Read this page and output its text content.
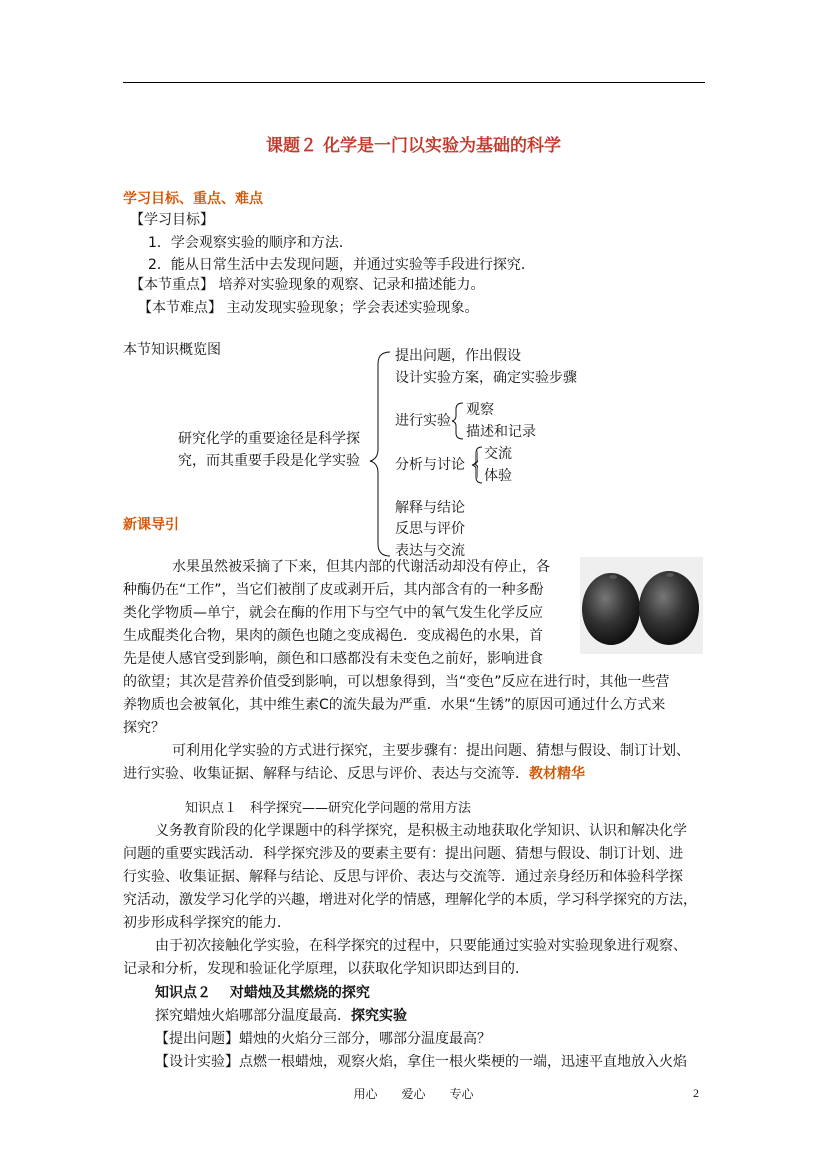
课题２ 化学是一门以实验为基础的科学
学习目标、重点、难点
【学习目标】
1．学会观察实验的顺序和方法．
2．能从日常生活中去发现问题，并通过实验等手段进行探究．
【本节重点】 培养对实验现象的观察、记录和描述能力。
【本节难点】 主动发现实验现象；学会表述实验现象。
本节知识概览图
研究化学的重要途径是科学探
究，而其重要手段是化学实验
提出问题，作出假设
设计实验方案，确定实验步骤
进行实验
观察
描述和记录
分析与讨论
交流
体验
解释与结论
反思与评价
表达与交流
新课导引
水果虽然被采摘了下来，但其内部的代谢活动却没有停止，各
种酶仍在“工作”，当它们被削了皮或剥开后，其内部含有的一种多酚
类化学物质—单宁，就会在酶的作用下与空气中的氧气发生化学反应
生成醌类化合物，果肉的颜色也随之变成褐色．变成褐色的水果，首
先是使人感官受到影响，颜色和口感都没有未变色之前好，影响进食
的欲望；其次是营养价值受到影响，可以想象得到，当“变色”反应在进行时，其他一些营
养物质也会被氧化，其中维生素C的流失最为严重．水果“生锈”的原因可通过什么方式来
探究？
可利用化学实验的方式进行探究，主要步骤有：提出问题、猜想与假设、制订计划、
进行实验、收集证据、解释与结论、反思与评价、表达与交流等．教材精华
知识点１　科学探究——研究化学问题的常用方法
义务教育阶段的化学课题中的科学探究，是积极主动地获取化学知识、认识和解决化学
问题的重要实践活动．科学探究涉及的要素主要有：提出问题、猜想与假设、制订计划、进
行实验、收集证据、解释与结论、反思与评价、表达与交流等．通过亲身经历和体验科学探
究活动，激发学习化学的兴趣，增进对化学的情感，理解化学的本质，学习科学探究的方法，
初步形成科学探究的能力．
由于初次接触化学实验，在科学探究的过程中，只要能通过实验对实验现象进行观察、
记录和分析，发现和验证化学原理，以获取化学知识即达到目的．
知识点２　 对蜡烛及其燃烧的探究
探究蜡烛火焰哪部分温度最高．探究实验
【提出问题】蜡烛的火焰分三部分，哪部分温度最高？
【设计实验】点燃一根蜡烛，观察火焰，拿住一根火柴梗的一端，迅速平直地放入火焰
用心　　爱心　　专心	2
